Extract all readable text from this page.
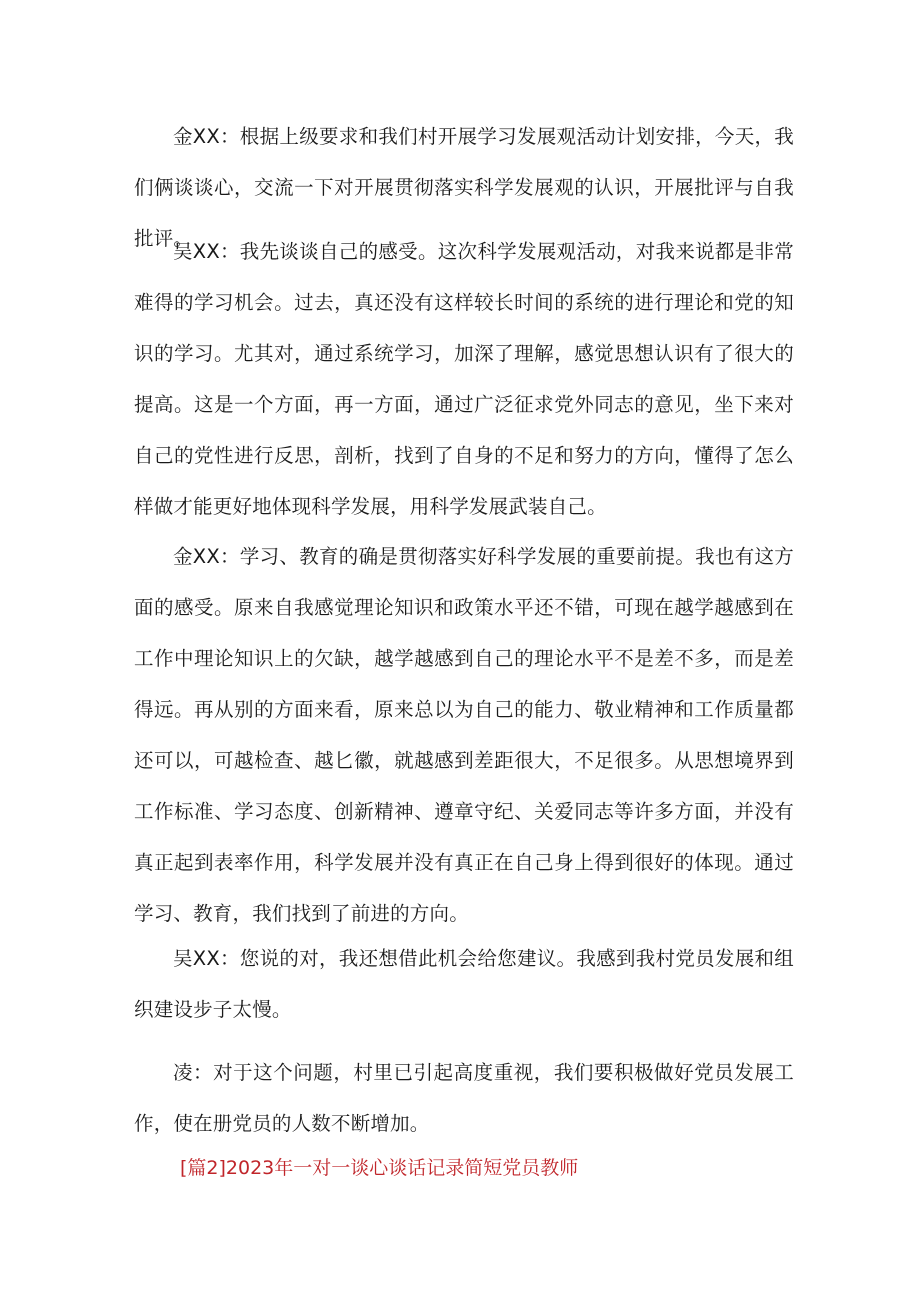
金XX：根据上级要求和我们村开展学习发展观活动计划安排，今天，我们俩谈谈心，交流一下对开展贯彻落实科学发展观的认识，开展批评与自我批评。

吴XX：我先谈谈自己的感受。这次科学发展观活动，对我来说都是非常难得的学习机会。过去，真还没有这样较长时间的系统的进行理论和党的知识的学习。尤其对，通过系统学习，加深了理解，感觉思想认识有了很大的提高。这是一个方面，再一方面，通过广泛征求党外同志的意见，坐下来对自己的党性进行反思，剖析，找到了自身的不足和努力的方向，懂得了怎么样做才能更好地体现科学发展，用科学发展武装自己。

金XX：学习、教育的确是贯彻落实好科学发展的重要前提。我也有这方面的感受。原来自我感觉理论知识和政策水平还不错，可现在越学越感到在工作中理论知识上的欠缺，越学越感到自己的理论水平不是差不多，而是差得远。再从别的方面来看，原来总以为自己的能力、敬业精神和工作质量都还可以，可越检查、越匕徽，就越感到差距很大，不足很多。从思想境界到工作标准、学习态度、创新精神、遵章守纪、关爱同志等许多方面，并没有真正起到表率作用，科学发展并没有真正在自己身上得到很好的体现。通过学习、教育，我们找到了前进的方向。

吴XX：您说的对，我还想借此机会给您建议。我感到我村党员发展和组织建设步子太慢。

凌：对于这个问题，村里已引起高度重视，我们要积极做好党员发展工作，使在册党员的人数不断增加。

[篇2]2023年一对一谈心谈话记录简短党员教师
